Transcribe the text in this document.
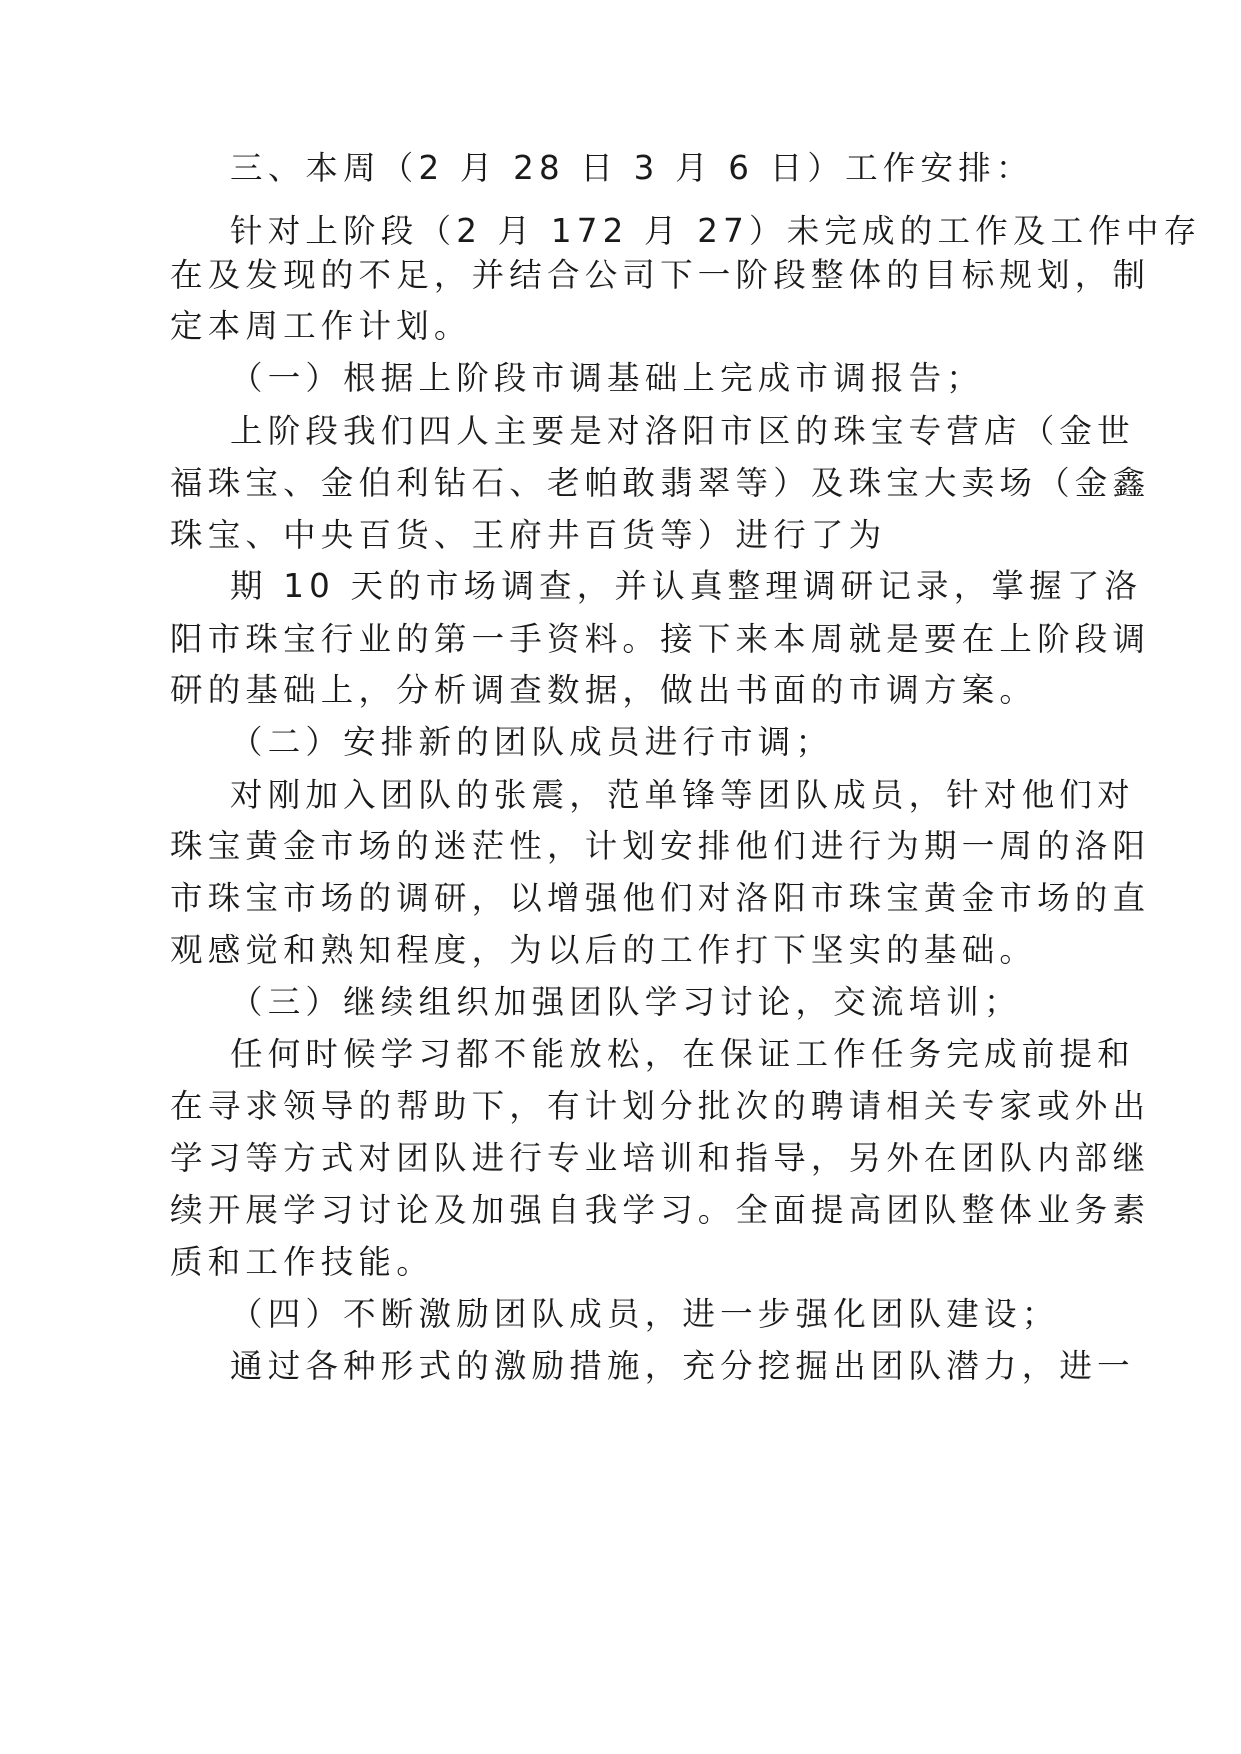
三、本周（2 月 28 日 3 月 6 日）工作安排：
针对上阶段（2 月 172 月 27）未完成的工作及工作中存
在及发现的不足，并结合公司下一阶段整体的目标规划，制
定本周工作计划。
（一）根据上阶段市调基础上完成市调报告；
上阶段我们四人主要是对洛阳市区的珠宝专营店（金世
福珠宝、金伯利钻石、老帕敢翡翠等）及珠宝大卖场（金鑫
珠宝、中央百货、王府井百货等）进行了为
期 10 天的市场调查，并认真整理调研记录，掌握了洛
阳市珠宝行业的第一手资料。接下来本周就是要在上阶段调
研的基础上，分析调查数据，做出书面的市调方案。
（二）安排新的团队成员进行市调；
对刚加入团队的张震，范单锋等团队成员，针对他们对
珠宝黄金市场的迷茫性，计划安排他们进行为期一周的洛阳
市珠宝市场的调研，以增强他们对洛阳市珠宝黄金市场的直
观感觉和熟知程度，为以后的工作打下坚实的基础。
（三）继续组织加强团队学习讨论，交流培训；
任何时候学习都不能放松，在保证工作任务完成前提和
在寻求领导的帮助下，有计划分批次的聘请相关专家或外出
学习等方式对团队进行专业培训和指导，另外在团队内部继
续开展学习讨论及加强自我学习。全面提高团队整体业务素
质和工作技能。
（四）不断激励团队成员，进一步强化团队建设；
通过各种形式的激励措施，充分挖掘出团队潜力，进一
